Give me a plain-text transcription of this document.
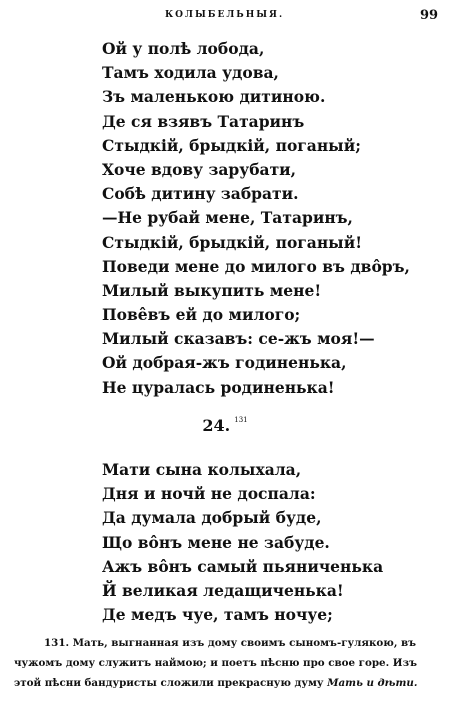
КОЛЫБЕЛЬНЫЯ.	99
Ой у полѣ лобода,
Тамъ ходила удова,
Зъ маленькою дитиною.
Де ся взявъ Татаринъ
Стыдкій, брыдкій, поганый;
Хоче вдову зарубати,
Собѣ дитину забрати.
—Не рубай мене, Татаринъ,
Стыдкій, брыдкій, поганый!
Поведи мене до милого въ дво̂ръ,
Милый выкупить мене!
Пове̂въ ей до милого;
Милый сказавъ: се-жъ моя!—
Ой добрая-жъ годиненька,
Не цуралась родиненька!
24. $^{131}$
Мати сына колыхала,
Дня и ночй не доспала:
Да думала добрый буде,
Що во̂нъ мене не забуде.
Ажъ во̂нъ самый пьяниченька
Й великая ледащиченька!
Де медъ чуе, тамъ ночуе;
131. Мать, выгнанная изъ дому своимъ сыномъ-гулякою, въ
чужомъ дому служитъ наймою; и поетъ пѣсню про свое горе. Изъ
этой пѣсни бандуристы сложили прекрасную думу Мать и дѣти.
